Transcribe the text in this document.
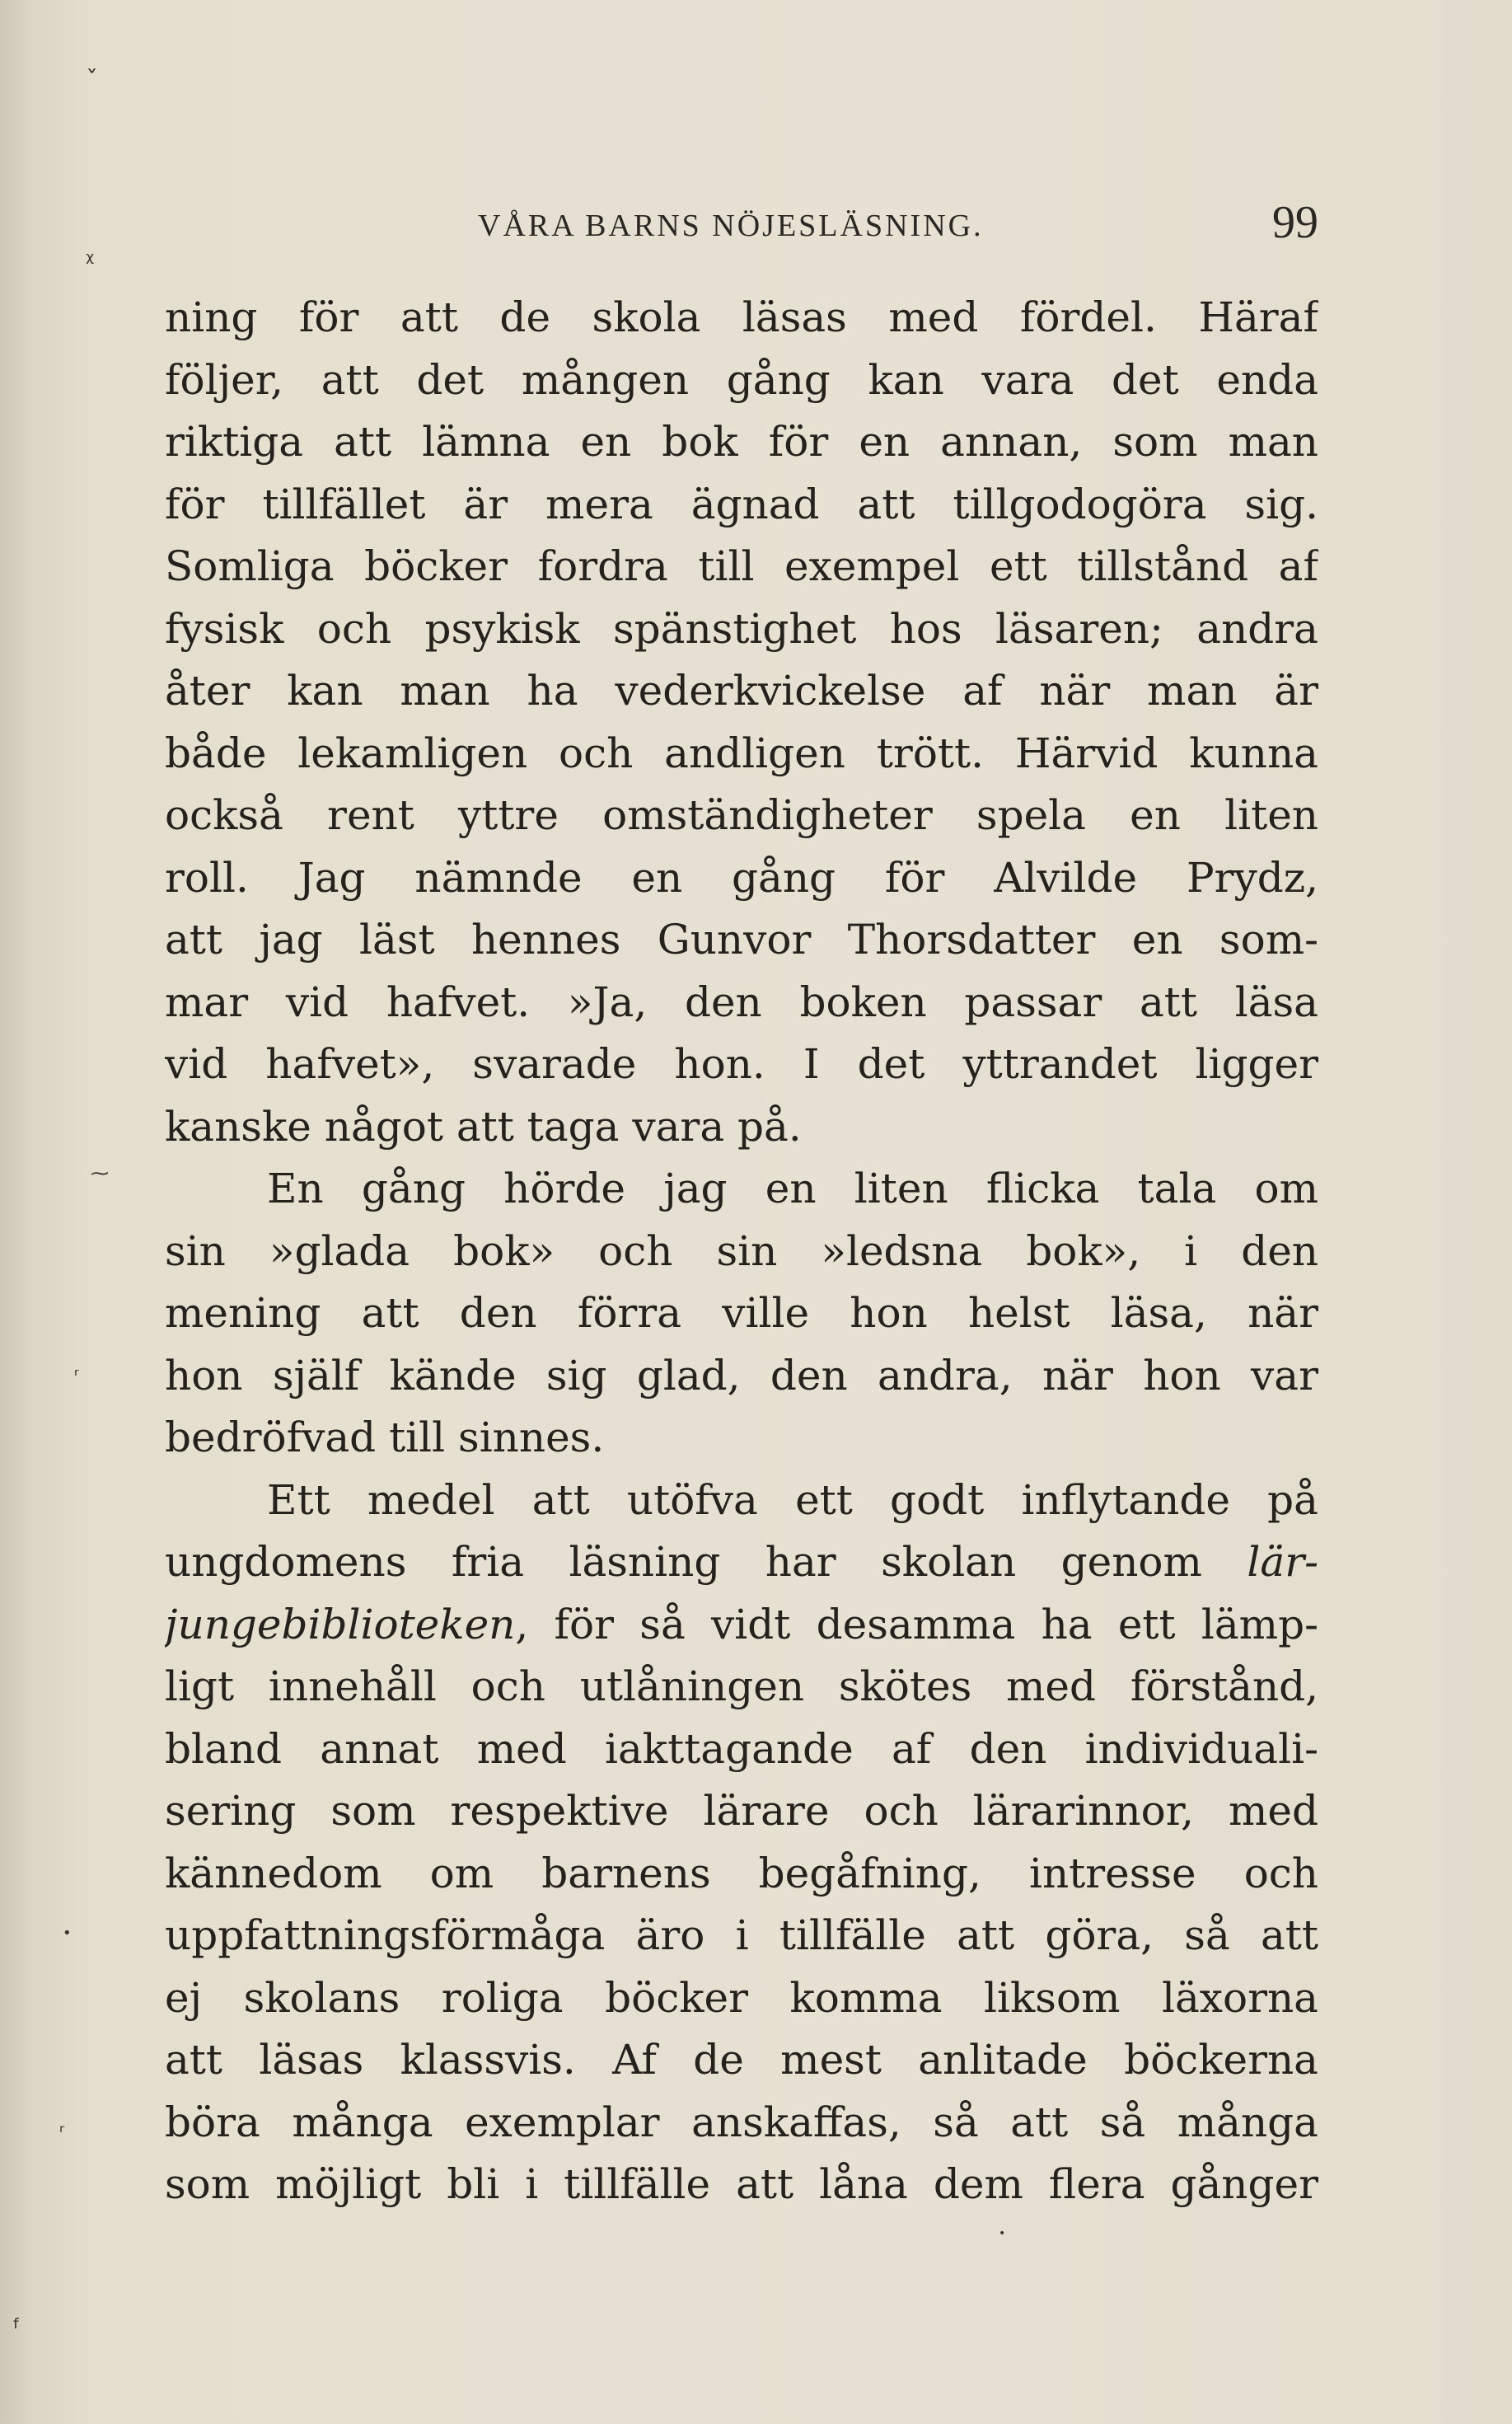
VÅRA BARNS NÖJESLÄSNING.	99
ning för att de skola läsas med fördel. Häraf
följer, att det mången gång kan vara det enda
riktiga att lämna en bok för en annan, som man
för tillfället är mera ägnad att tillgodogöra sig.
Somliga böcker fordra till exempel ett tillstånd af
fysisk och psykisk spänstighet hos läsaren; andra
åter kan man ha vederkvickelse af när man är
både lekamligen och andligen trött. Härvid kunna
också rent yttre omständigheter spela en liten
roll. Jag nämnde en gång för Alvilde Prydz,
att jag läst hennes Gunvor Thorsdatter en som-
mar vid hafvet. »Ja, den boken passar att läsa
vid hafvet», svarade hon. I det yttrandet ligger
kanske något att taga vara på.
En gång hörde jag en liten flicka tala om
sin »glada bok» och sin »ledsna bok», i den
mening att den förra ville hon helst läsa, när
hon själf kände sig glad, den andra, när hon var
bedröfvad till sinnes.
Ett medel att utöfva ett godt inflytande på
ungdomens fria läsning har skolan genom lär-
jungebiblioteken, för så vidt desamma ha ett lämp-
ligt innehåll och utlåningen skötes med förstånd,
bland annat med iakttagande af den individuali-
sering som respektive lärare och lärarinnor, med
kännedom om barnens begåfning, intresse och
uppfattningsförmåga äro i tillfälle att göra, så att
ej skolans roliga böcker komma liksom läxorna
att läsas klassvis. Af de mest anlitade böckerna
böra många exemplar anskaffas, så att så många
som möjligt bli i tillfälle att låna dem flera gånger
ˇ
ᵡ
⁓
ᵣ
•
ᵣ
ᶠ
•
